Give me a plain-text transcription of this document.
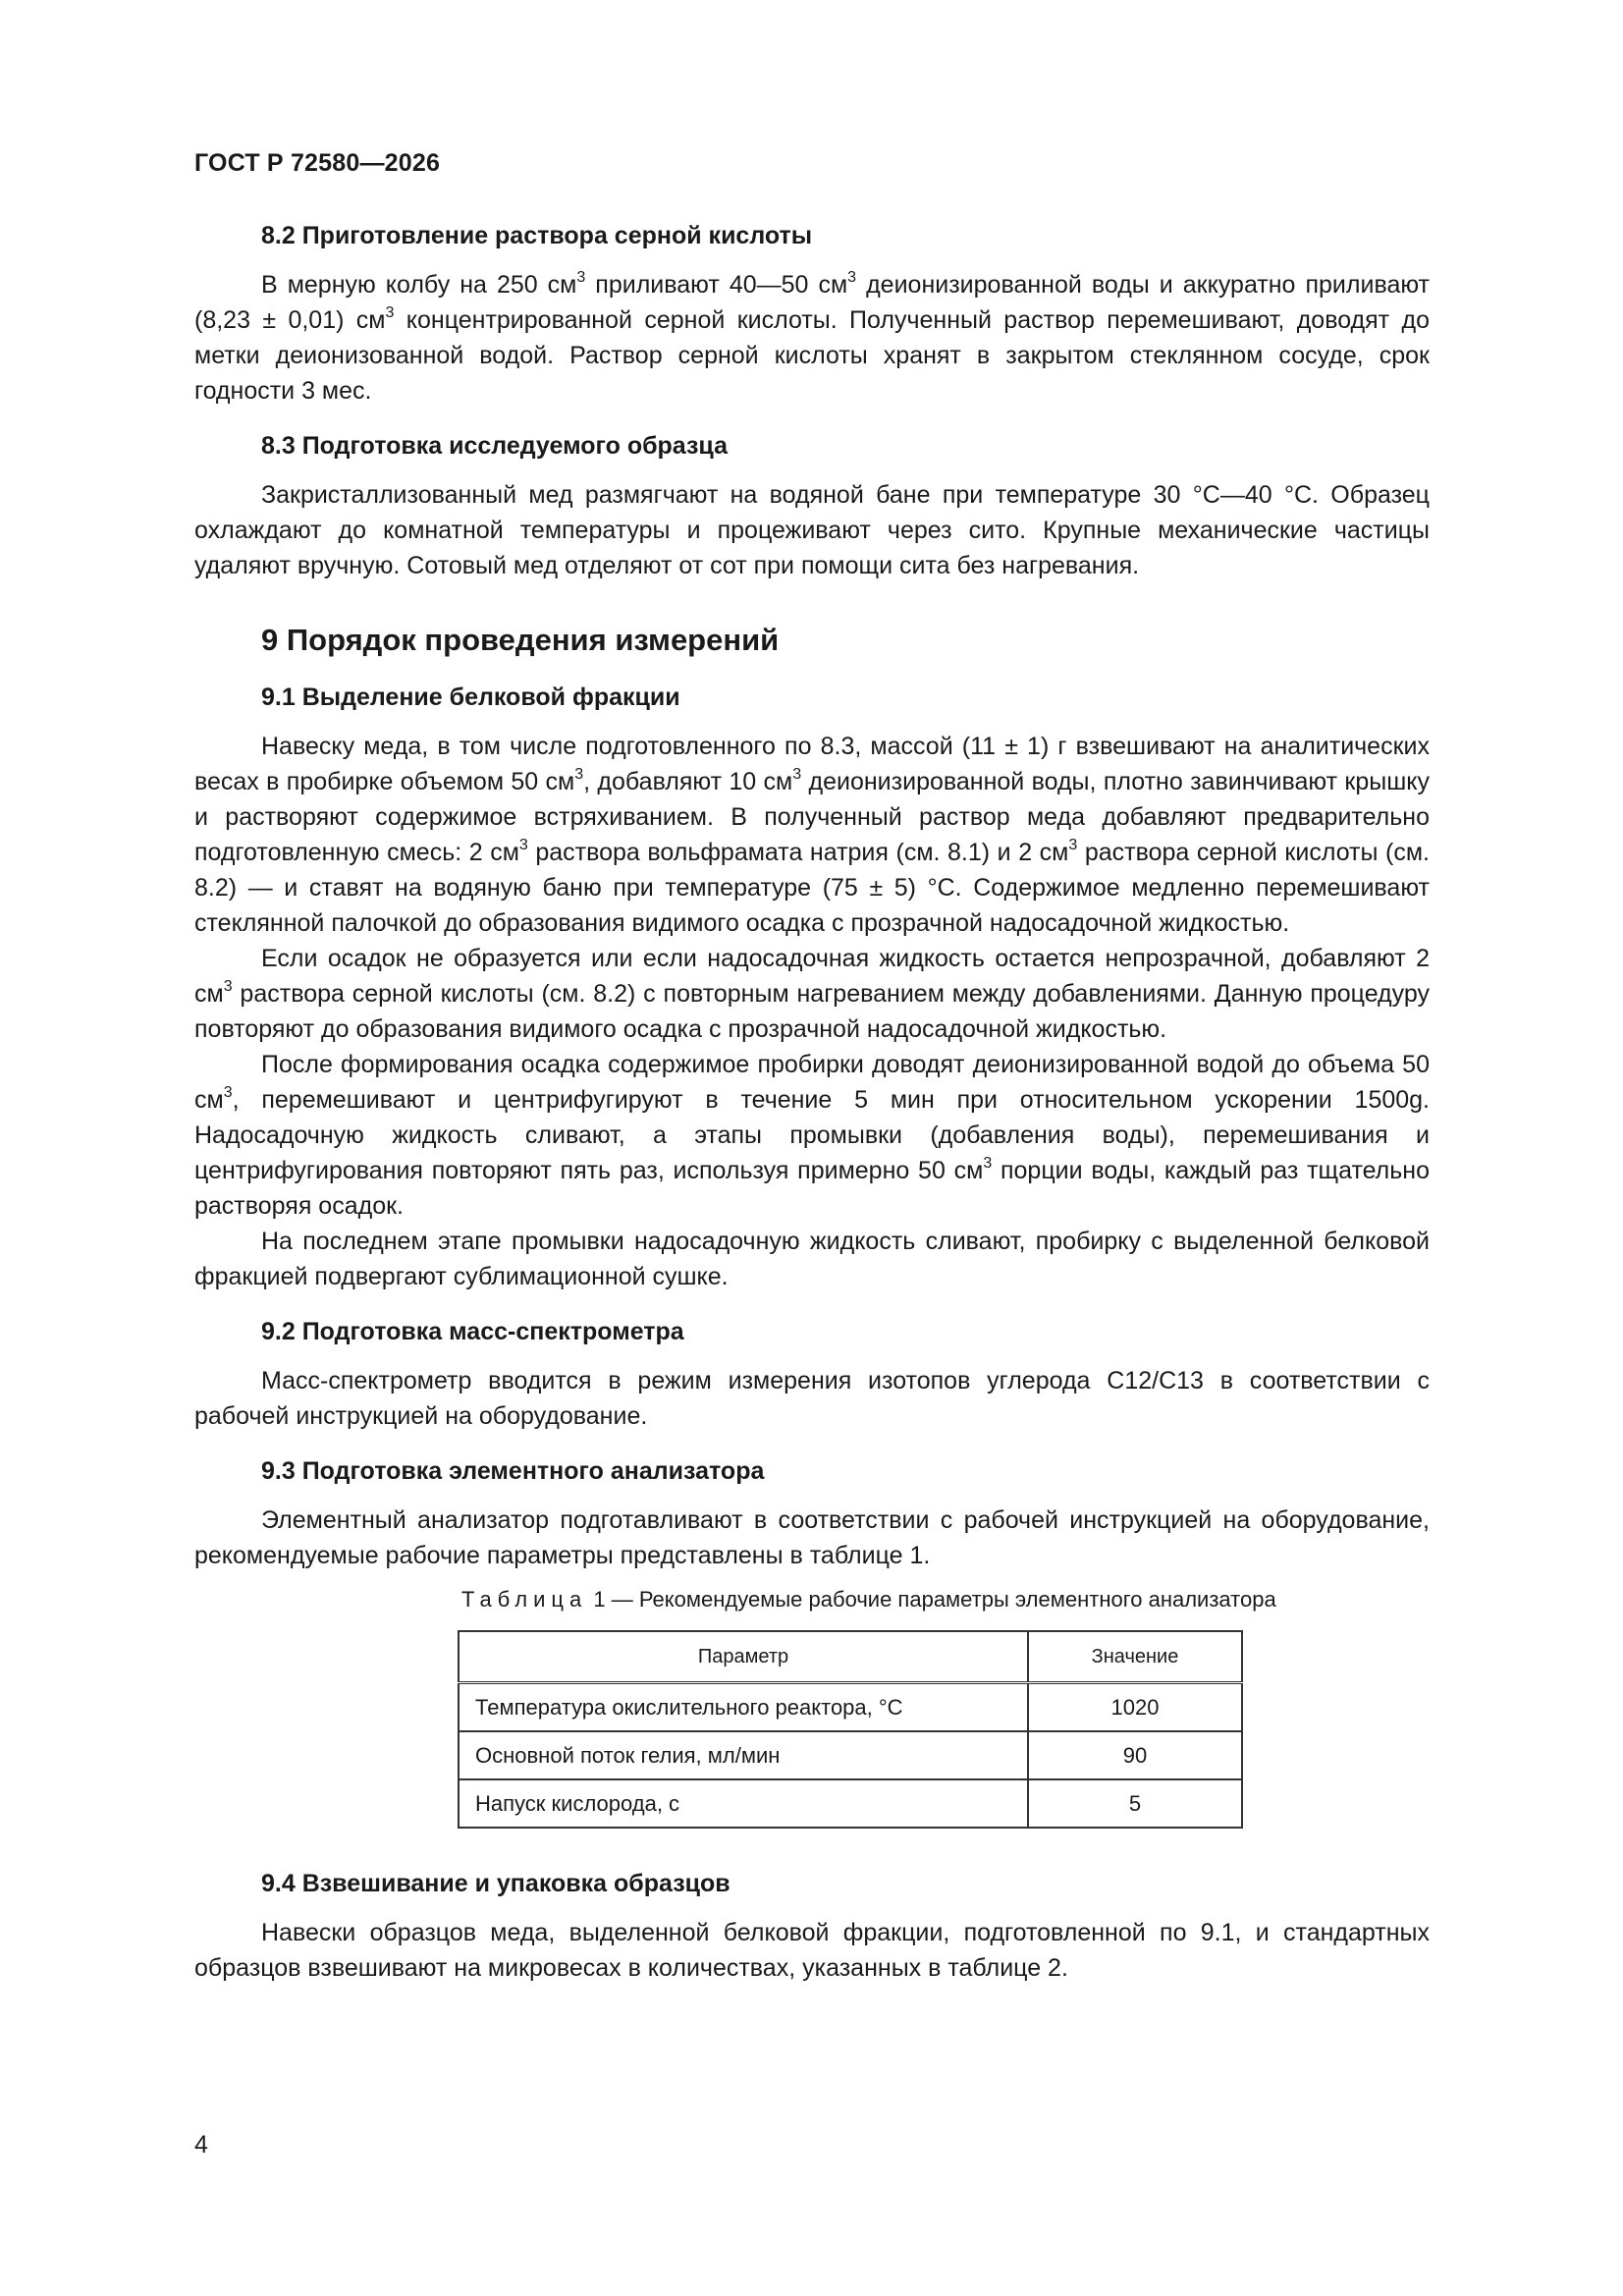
ГОСТ Р 72580—2026
8.2 Приготовление раствора серной кислоты

В мерную колбу на 250 $см^3$ приливают 40—50 $см^3$ деионизированной воды и аккуратно приливают (8,23 ± 0,01) $см^3$ концентрированной серной кислоты. Полученный раствор перемешивают, доводят до метки деионизованной водой. Раствор серной кислоты хранят в закрытом стеклянном сосуде, срок годности 3 мес.

8.3 Подготовка исследуемого образца

Закристаллизованный мед размягчают на водяной бане при температуре 30 °С—40 °С. Образец охлаждают до комнатной температуры и процеживают через сито. Крупные механические частицы удаляют вручную. Сотовый мед отделяют от сот при помощи сита без нагревания.

9 Порядок проведения измерений
9.1 Выделение белковой фракции

Навеску меда, в том числе подготовленного по 8.3, массой (11 ± 1) г взвешивают на аналитических весах в пробирке объемом 50 $см^3$, добавляют 10 $см^3$ деионизированной воды, плотно завинчивают крышку и растворяют содержимое встряхиванием. В полученный раствор меда добавляют предварительно подготовленную смесь: 2 $см^3$ раствора вольфрамата натрия (см. 8.1) и 2 $см^3$ раствора серной кислоты (см. 8.2) — и ставят на водяную баню при температуре (75 ± 5) °С. Содержимое медленно перемешивают стеклянной палочкой до образования видимого осадка с прозрачной надосадочной жидкостью.

Если осадок не образуется или если надосадочная жидкость остается непрозрачной, добавляют 2 $см^3$ раствора серной кислоты (см. 8.2) с повторным нагреванием между добавлениями. Данную процедуру повторяют до образования видимого осадка с прозрачной надосадочной жидкостью.

После формирования осадка содержимое пробирки доводят деионизированной водой до объема 50 $см^3$, перемешивают и центрифугируют в течение 5 мин при относительном ускорении 1500g. Надосадочную жидкость сливают, а этапы промывки (добавления воды), перемешивания и центрифугирования повторяют пять раз, используя примерно 50 $см^3$ порции воды, каждый раз тщательно растворяя осадок.

На последнем этапе промывки надосадочную жидкость сливают, пробирку с выделенной белковой фракцией подвергают сублимационной сушке.

9.2 Подготовка масс-спектрометра

Масс-спектрометр вводится в режим измерения изотопов углерода С12/С13 в соответствии с рабочей инструкцией на оборудование.

9.3 Подготовка элементного анализатора

Элементный анализатор подготавливают в соответствии с рабочей инструкцией на оборудование, рекомендуемые рабочие параметры представлены в таблице 1.

Таблица 1 — Рекомендуемые рабочие параметры элементного анализатора
Параметр	Значение
Температура окислительного реактора, °С	1020
Основной поток гелия, мл/мин	90
Напуск кислорода, с	5
9.4 Взвешивание и упаковка образцов

Навески образцов меда, выделенной белковой фракции, подготовленной по 9.1, и стандартных образцов взвешивают на микровесах в количествах, указанных в таблице 2.

4
